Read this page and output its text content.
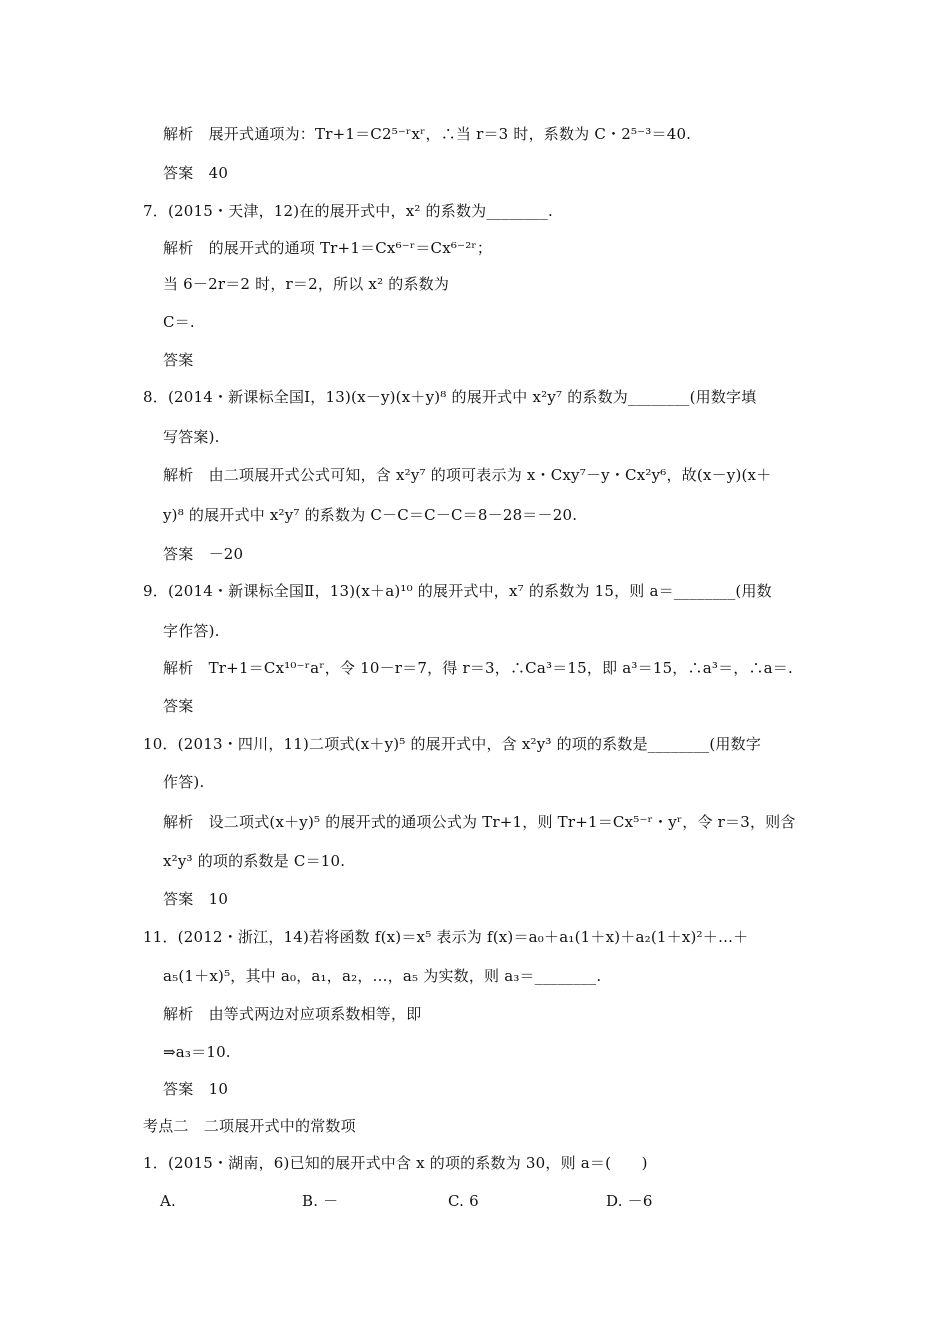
解析　展开式通项为：Tr+1＝C2⁵⁻ʳxʳ，∴当 r＝3 时，系数为 C・2⁵⁻³＝40.
答案　40
7．(2015・天津，12)在的展开式中，x² 的系数为________.
解析　的展开式的通项 Tr+1＝Cx⁶⁻ʳ＝Cx⁶⁻²ʳ；
当 6－2r＝2 时，r＝2，所以 x² 的系数为
C＝.
答案
8．(2014・新课标全国Ⅰ，13)(x－y)(x＋y)⁸ 的展开式中 x²y⁷ 的系数为________(用数字填
写答案).
解析　由二项展开式公式可知，含 x²y⁷ 的项可表示为 x・Cxy⁷－y・Cx²y⁶，故(x－y)(x＋
y)⁸ 的展开式中 x²y⁷ 的系数为 C－C＝C－C＝8－28＝－20.
答案　－20
9．(2014・新课标全国Ⅱ，13)(x＋a)¹⁰ 的展开式中，x⁷ 的系数为 15，则 a＝________(用数
字作答).
解析　Tr+1＝Cx¹⁰⁻ʳaʳ，令 10－r＝7，得 r＝3，∴Ca³＝15，即 a³＝15，∴a³＝，∴a＝.
答案
10．(2013・四川，11)二项式(x＋y)⁵ 的展开式中，含 x²y³ 的项的系数是________(用数字
作答).
解析　设二项式(x＋y)⁵ 的展开式的通项公式为 Tr+1，则 Tr+1＝Cx⁵⁻ʳ・yʳ，令 r＝3，则含
x²y³ 的项的系数是 C＝10.
答案　10
11．(2012・浙江，14)若将函数 f(x)＝x⁵ 表示为 f(x)＝a₀＋a₁(1＋x)＋a₂(1＋x)²＋…＋
a₅(1＋x)⁵，其中 a₀，a₁，a₂，…，a₅ 为实数，则 a₃＝________.
解析　由等式两边对应项系数相等，即
⇒a₃＝10.
答案　10
考点二　二项展开式中的常数项
1．(2015・湖南，6)已知的展开式中含 x 的项的系数为 30，则 a＝(　　)
A.	B. －	C. 6	D. －6
